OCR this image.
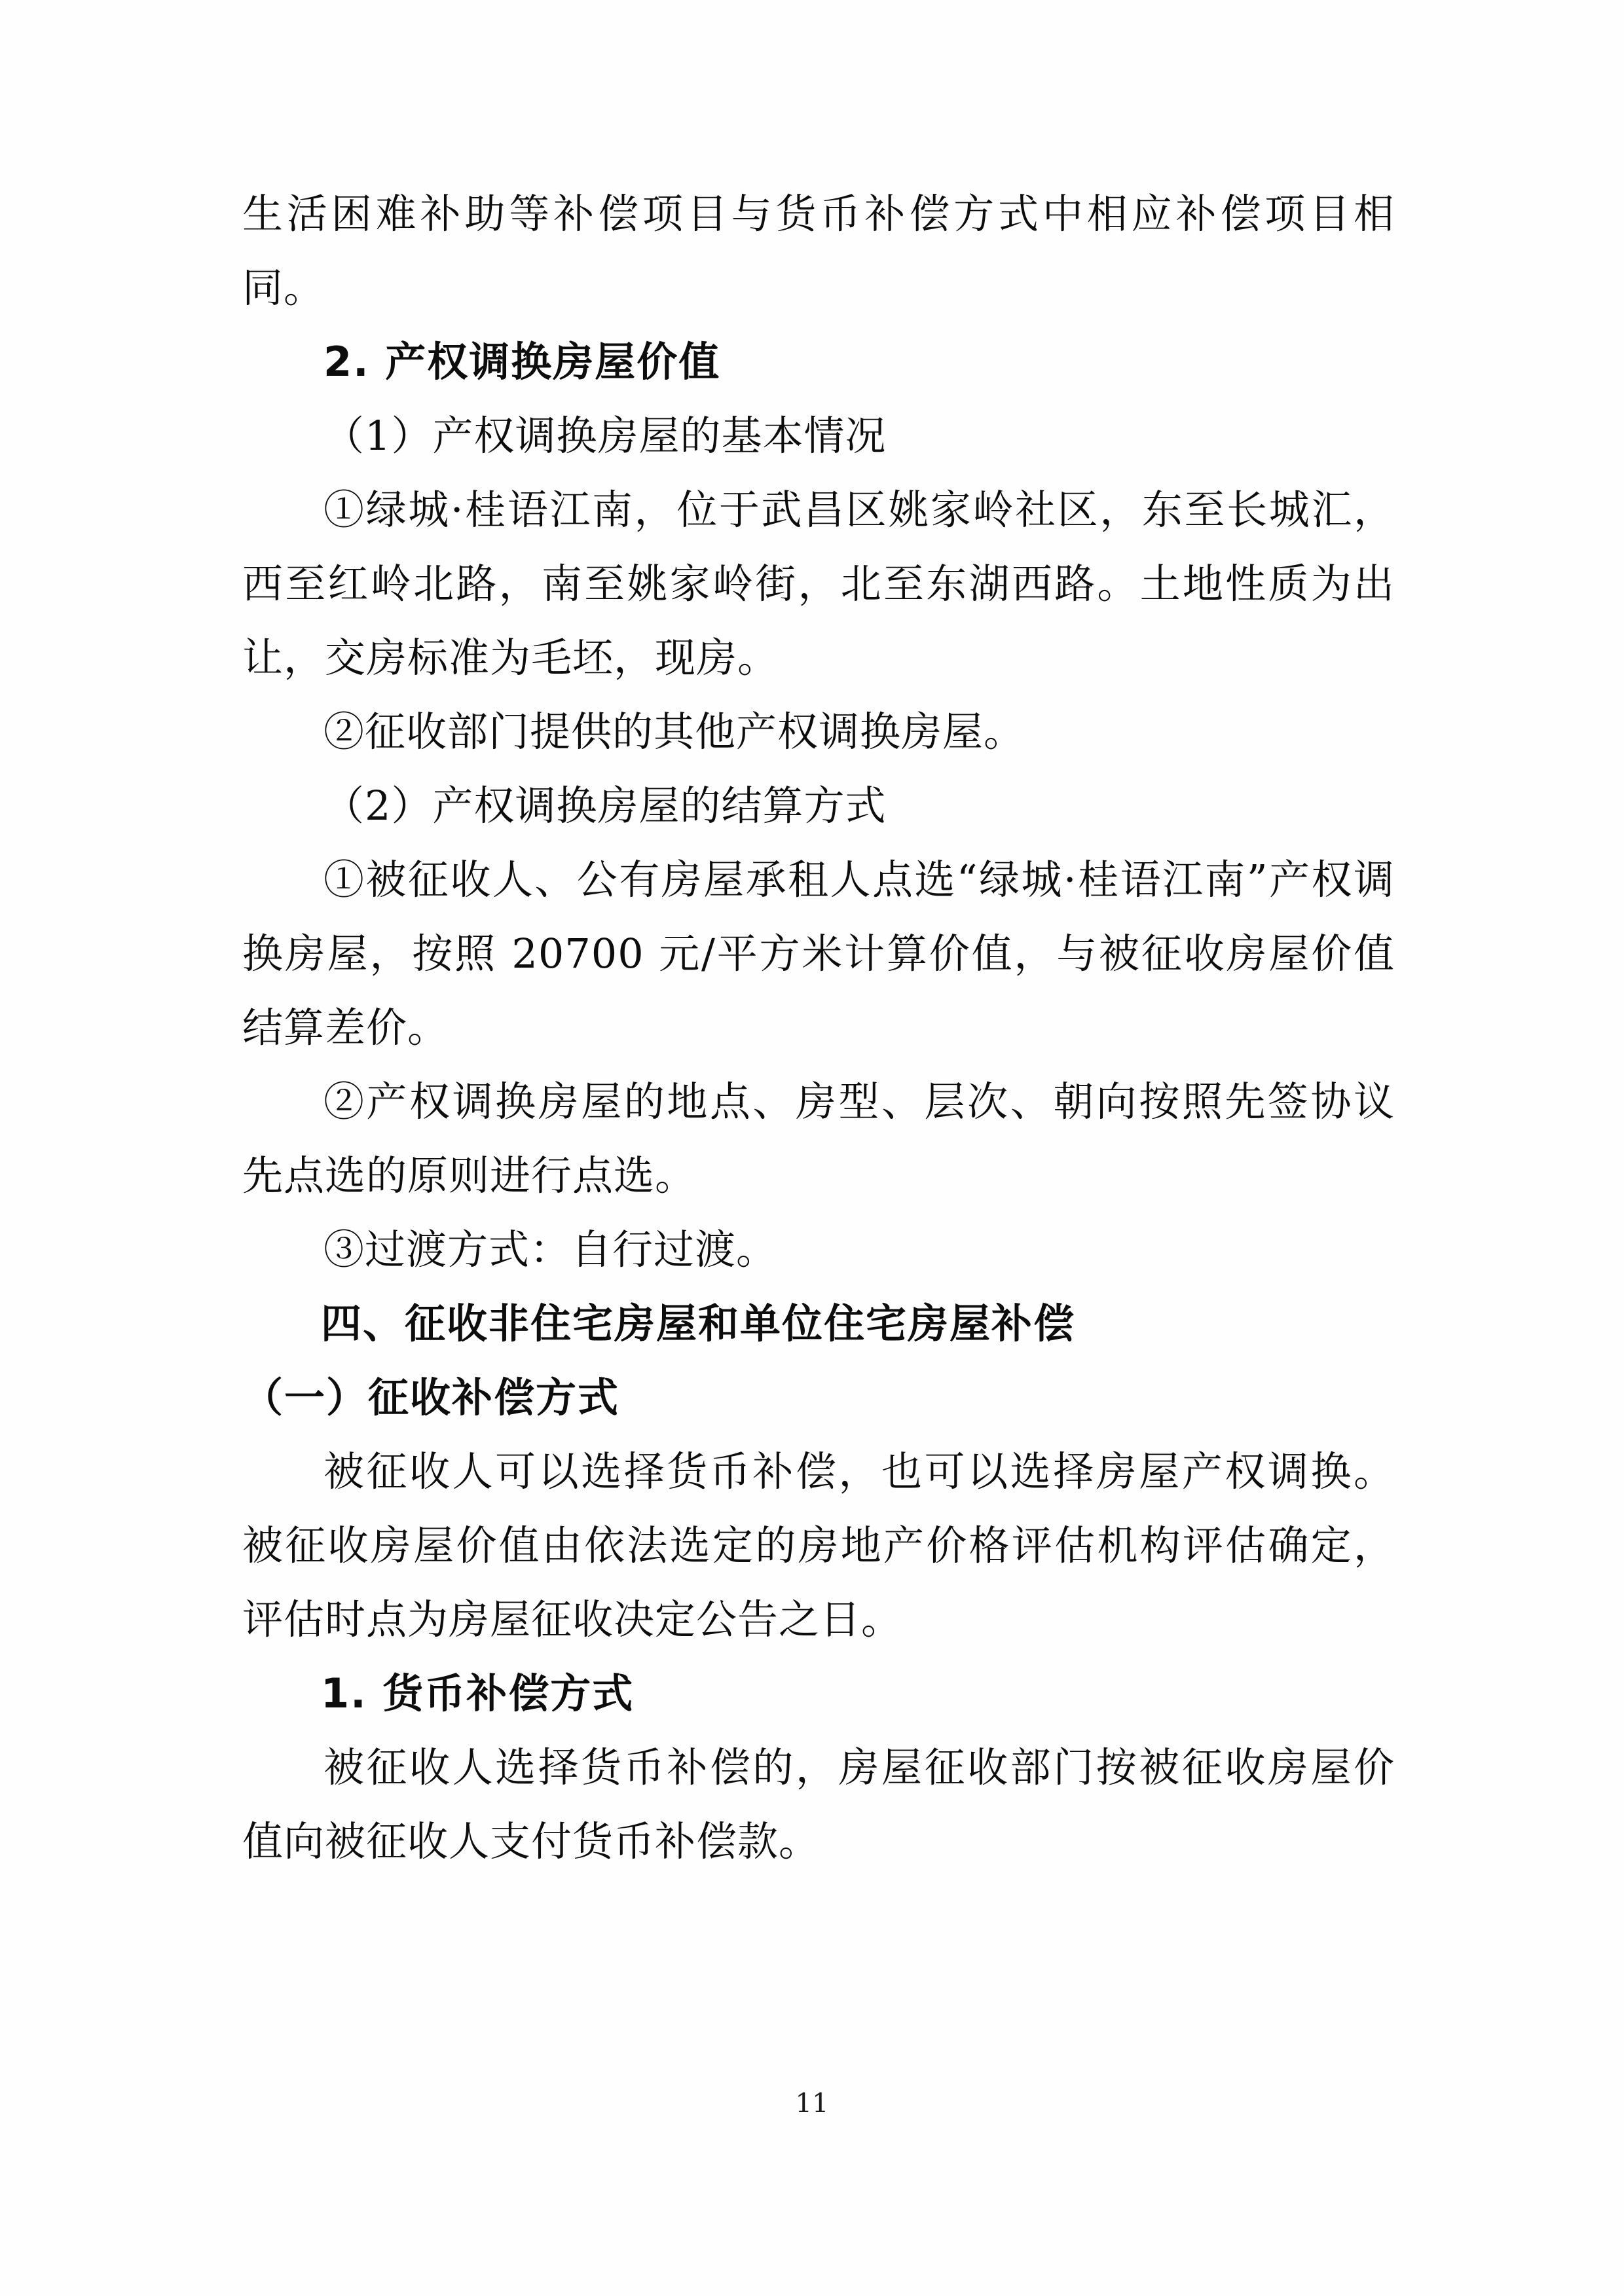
生活困难补助等补偿项目与货币补偿方式中相应补偿项目相同。

2. 产权调换房屋价值

（1）产权调换房屋的基本情况

①绿城·桂语江南，位于武昌区姚家岭社区，东至长城汇，西至红岭北路，南至姚家岭街，北至东湖西路。土地性质为出让，交房标准为毛坯，现房。

②征收部门提供的其他产权调换房屋。

（2）产权调换房屋的结算方式

①被征收人、公有房屋承租人点选“绿城·桂语江南”产权调换房屋，按照 20700 元/平方米计算价值，与被征收房屋价值结算差价。

②产权调换房屋的地点、房型、层次、朝向按照先签协议先点选的原则进行点选。

③过渡方式：自行过渡。

四、征收非住宅房屋和单位住宅房屋补偿

（一）征收补偿方式

被征收人可以选择货币补偿，也可以选择房屋产权调换。被征收房屋价值由依法选定的房地产价格评估机构评估确定，评估时点为房屋征收决定公告之日。

1. 货币补偿方式

被征收人选择货币补偿的，房屋征收部门按被征收房屋价值向被征收人支付货币补偿款。

11
